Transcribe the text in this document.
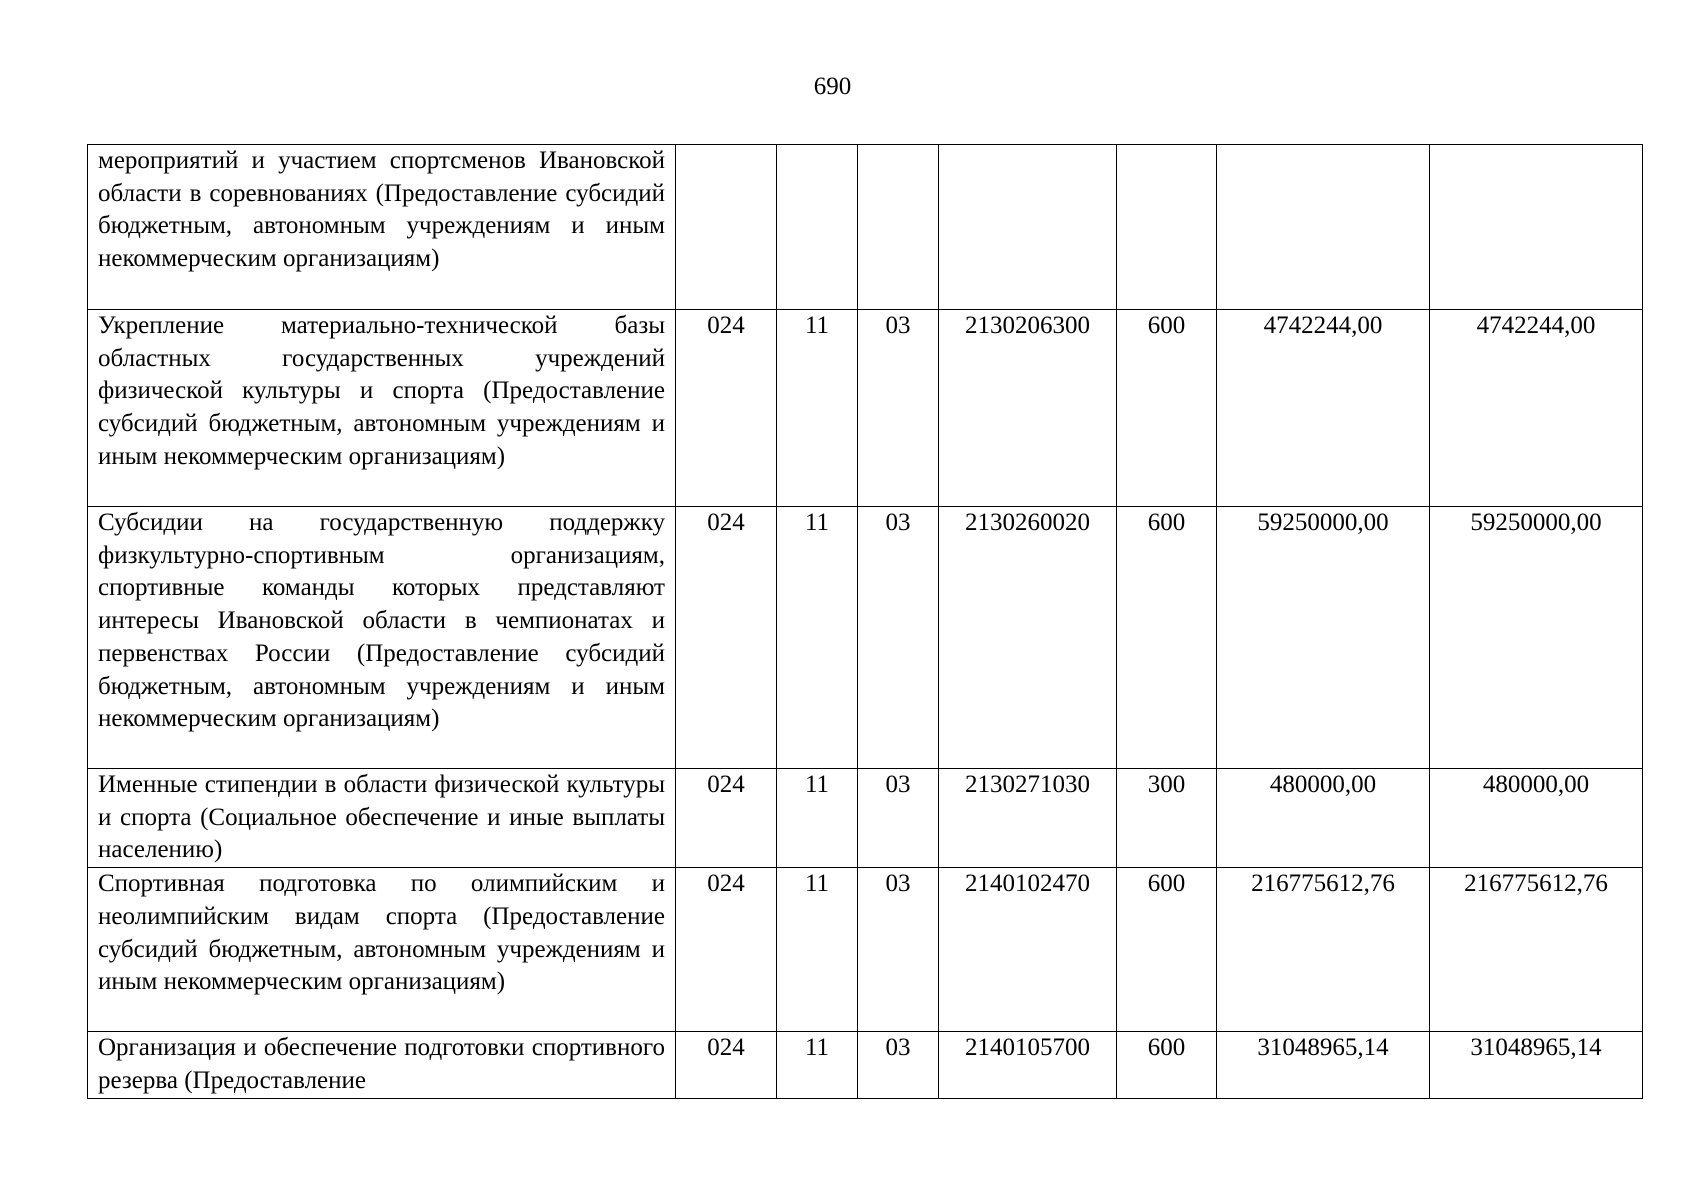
690
мероприятий и участием спортсменов Ивановской области в соревнованиях (Предоставление субсидий бюджетным, автономным учреждениям и иным некоммерческим организациям)							
Укрепление материально-технической базы областных государственных учреждений физической культуры и спорта (Предоставление субсидий бюджетным, автономным учреждениям и иным некоммерческим организациям)	024	11	03	2130206300	600	4742244,00	4742244,00
Субсидии на государственную поддержку физкультурно-спортивным организациям, спортивные команды которых представляют интересы Ивановской области в чемпионатах и первенствах России (Предоставление субсидий бюджетным, автономным учреждениям и иным некоммерческим организациям)	024	11	03	2130260020	600	59250000,00	59250000,00
Именные стипендии в области физической культуры и спорта (Социальное обеспечение и иные выплаты населению)	024	11	03	2130271030	300	480000,00	480000,00
Спортивная подготовка по олимпийским и неолимпийским видам спорта (Предоставление субсидий бюджетным, автономным учреждениям и иным некоммерческим организациям)	024	11	03	2140102470	600	216775612,76	216775612,76
Организация и обеспечение подготовки спортивного резерва (Предоставление	024	11	03	2140105700	600	31048965,14	31048965,14
